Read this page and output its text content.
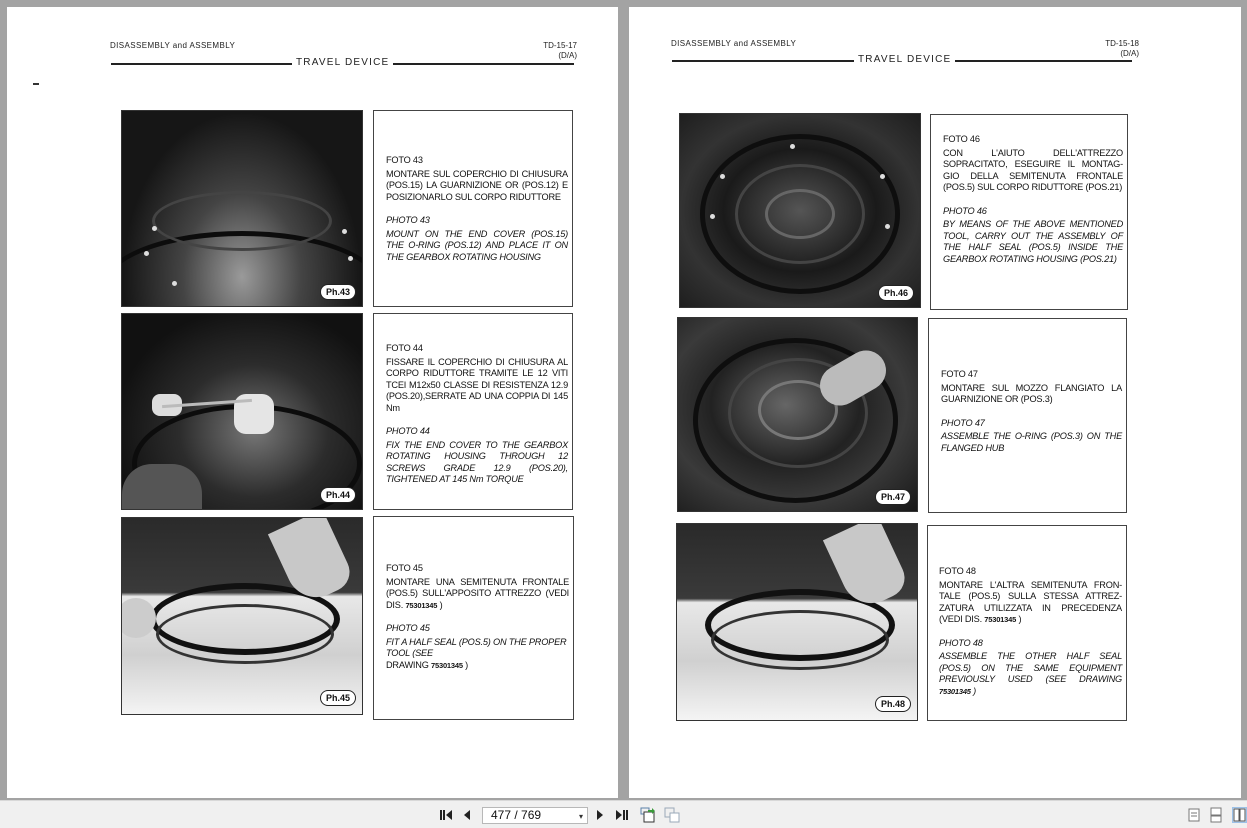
DISASSEMBLY and ASSEMBLY	TD-15-17
(D/A)
TRAVEL DEVICE
Ph.43
FOTO 43
MONTARE SUL COPERCHIO DI CHIUSURA (POS.15) LA GUARNIZIONE OR (POS.12) E POSIZIONARLO SUL CORPO RIDUTTORE
PHOTO 43
MOUNT ON THE END COVER (POS.15) THE O-RING (POS.12) AND PLACE IT ON THE GEARBOX ROTATING HOUSING
Ph.44
FOTO 44
FISSARE IL COPERCHIO DI CHIUSURA AL CORPO RIDUTTORE TRAMITE LE 12 VITI TCEI M12x50 CLASSE DI RESISTENZA 12.9 (POS.20),SERRATE AD UNA COPPIA DI 145 Nm
PHOTO 44
FIX THE END COVER TO THE GEARBOX ROTATING HOUSING THROUGH 12 SCREWS GRADE 12.9 (POS.20), TIGHTENED AT 145 Nm TORQUE
Ph.45
FOTO 45
MONTARE UNA SEMITENUTA FRONTALE (POS.5) SULL'APPOSITO ATTREZZO (VEDI DIS. 75301345 )
PHOTO 45
FIT A HALF SEAL (POS.5) ON THE PROPER TOOL (SEE
DRAWING 75301345 )
DISASSEMBLY and ASSEMBLY	TD-15-18
(D/A)
TRAVEL DEVICE
Ph.46
FOTO 46
CON L'AIUTO DELL'ATTREZZO SOPRACITATO, ESEGUIRE IL MONTAG-GIO DELLA SEMITENUTA FRONTALE (POS.5) SUL CORPO RIDUTTORE (POS.21)
PHOTO 46
BY MEANS OF THE ABOVE MENTIONED TOOL, CARRY OUT THE ASSEMBLY OF THE HALF SEAL (POS.5) INSIDE THE GEARBOX ROTATING HOUSING (POS.21)
Ph.47
FOTO 47
MONTARE SUL MOZZO FLANGIATO LA GUARNIZIONE OR (POS.3)
PHOTO 47
ASSEMBLE THE O-RING (POS.3) ON THE FLANGED HUB
Ph.48
FOTO 48
MONTARE L'ALTRA SEMITENUTA FRON-TALE (POS.5) SULLA STESSA ATTREZ-ZATURA UTILIZZATA IN PRECEDENZA (VEDI DIS. 75301345 )
PHOTO 48
ASSEMBLE THE OTHER HALF SEAL (POS.5) ON THE SAME EQUIPMENT PREVIOUSLY USED (SEE DRAWING 75301345 )
477 / 769	▾
